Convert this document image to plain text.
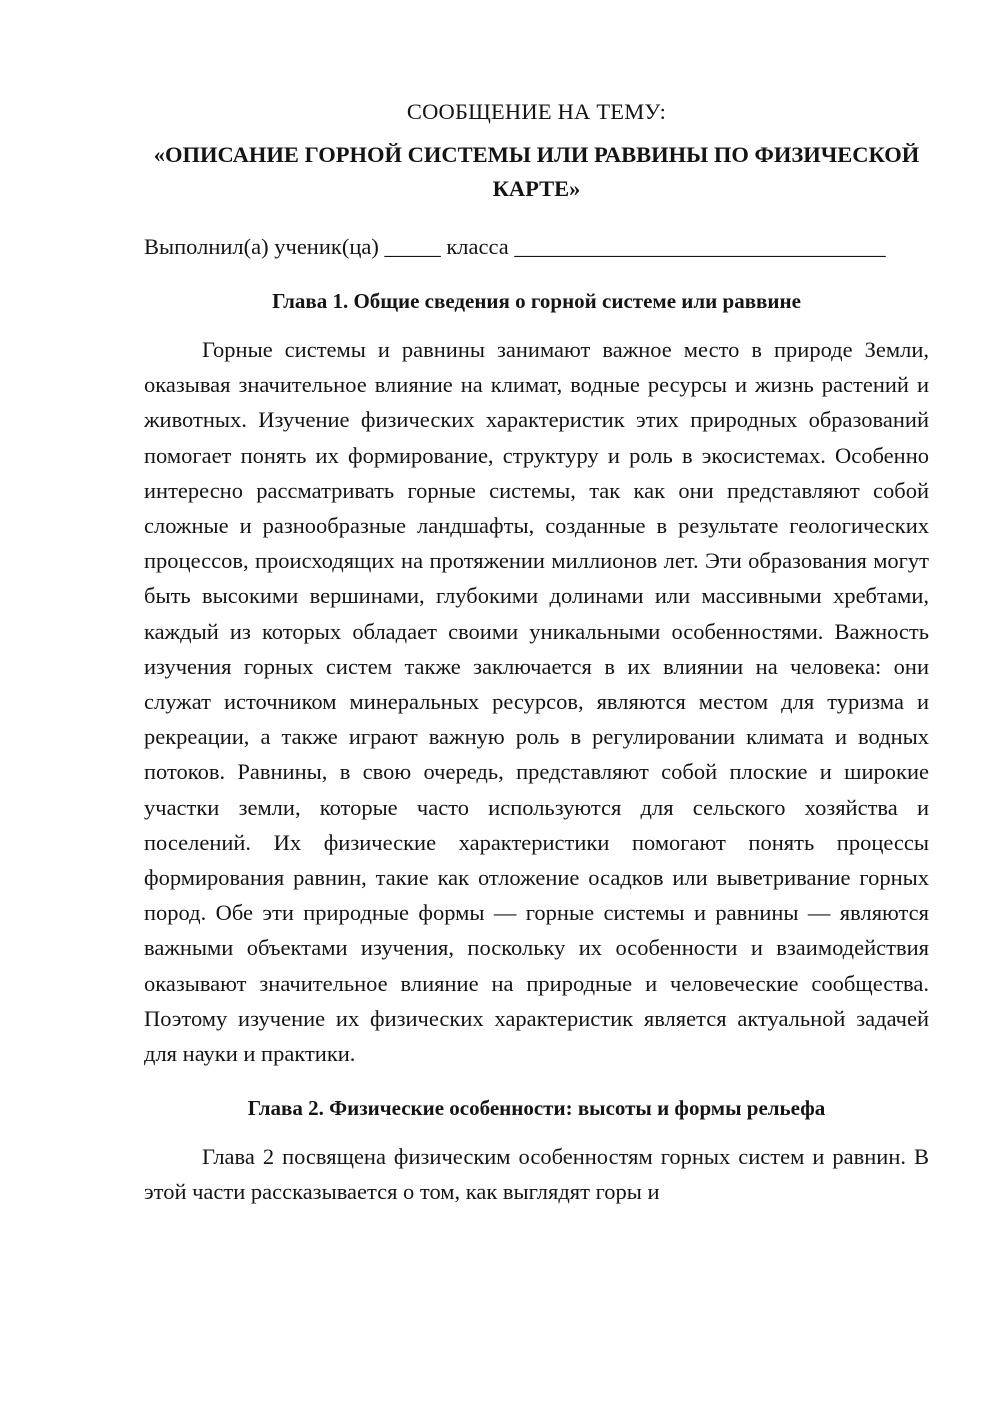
СООБЩЕНИЕ НА ТЕМУ:

«ОПИСАНИЕ ГОРНОЙ СИСТЕМЫ ИЛИ РАВВИНЫ ПО ФИЗИЧЕСКОЙ КАРТЕ»

Выполнил(а) ученик(ца) _____ класса _________________________________

Глава 1. Общие сведения о горной системе или раввине

Горные системы и равнины занимают важное место в природе Земли, оказывая значительное влияние на климат, водные ресурсы и жизнь растений и животных. Изучение физических характеристик этих природных образований помогает понять их формирование, структуру и роль в экосистемах. Особенно интересно рассматривать горные системы, так как они представляют собой сложные и разнообразные ландшафты, созданные в результате геологических процессов, происходящих на протяжении миллионов лет. Эти образования могут быть высокими вершинами, глубокими долинами или массивными хребтами, каждый из которых обладает своими уникальными особенностями. Важность изучения горных систем также заключается в их влиянии на человека: они служат источником минеральных ресурсов, являются местом для туризма и рекреации, а также играют важную роль в регулировании климата и водных потоков. Равнины, в свою очередь, представляют собой плоские и широкие участки земли, которые часто используются для сельского хозяйства и поселений. Их физические характеристики помогают понять процессы формирования равнин, такие как отложение осадков или выветривание горных пород. Обе эти природные формы — горные системы и равнины — являются важными объектами изучения, поскольку их особенности и взаимодействия оказывают значительное влияние на природные и человеческие сообщества. Поэтому изучение их физических характеристик является актуальной задачей для науки и практики.

Глава 2. Физические особенности: высоты и формы рельефа

Глава 2 посвящена физическим особенностям горных систем и равнин. В этой части рассказывается о том, как выглядят горы и
